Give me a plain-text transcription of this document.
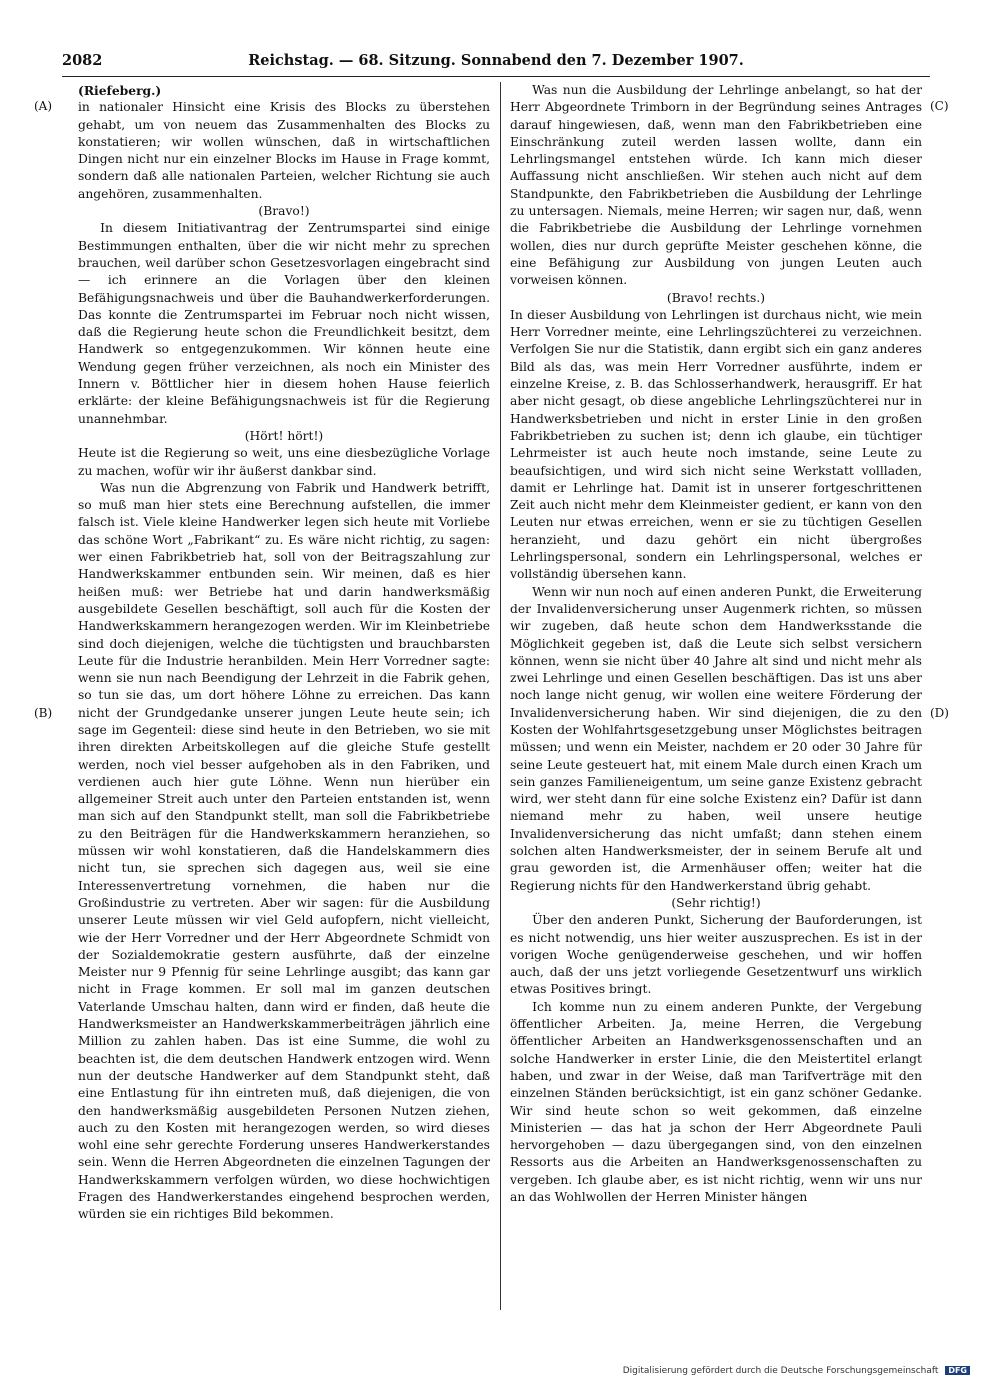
2082	Reichstag. — 68. Sitzung. Sonnabend den 7. Dezember 1907.
(A)
(B)
(C)
(D)
(Riefeberg.)

in nationaler Hinsicht eine Krisis des Blocks zu überstehen gehabt, um von neuem das Zusammenhalten des Blocks zu konstatieren; wir wollen wünschen, daß in wirtschaftlichen Dingen nicht nur ein einzelner Blocks im Hause in Frage kommt, sondern daß alle nationalen Parteien, welcher Richtung sie auch angehören, zusammenhalten.

(Bravo!)

In diesem Initiativantrag der Zentrumspartei sind einige Bestimmungen enthalten, über die wir nicht mehr zu sprechen brauchen, weil darüber schon Gesetzesvorlagen eingebracht sind — ich erinnere an die Vorlagen über den kleinen Befähigungsnachweis und über die Bauhandwerkerforderungen. Das konnte die Zentrumspartei im Februar noch nicht wissen, daß die Regierung heute schon die Freundlichkeit besitzt, dem Handwerk so entgegenzukommen. Wir können heute eine Wendung gegen früher verzeichnen, als noch ein Minister des Innern v. Böttlicher hier in diesem hohen Hause feierlich erklärte: der kleine Befähigungsnachweis ist für die Regierung unannehmbar.

(Hört! hört!)

Heute ist die Regierung so weit, uns eine diesbezügliche Vorlage zu machen, wofür wir ihr äußerst dankbar sind.

Was nun die Abgrenzung von Fabrik und Handwerk betrifft, so muß man hier stets eine Berechnung aufstellen, die immer falsch ist. Viele kleine Handwerker legen sich heute mit Vorliebe das schöne Wort „Fabrikant“ zu. Es wäre nicht richtig, zu sagen: wer einen Fabrikbetrieb hat, soll von der Beitragszahlung zur Handwerkskammer entbunden sein. Wir meinen, daß es hier heißen muß: wer Betriebe hat und darin handwerksmäßig ausgebildete Gesellen beschäftigt, soll auch für die Kosten der Handwerkskammern herangezogen werden. Wir im Kleinbetriebe sind doch diejenigen, welche die tüchtigsten und brauchbarsten Leute für die Industrie heranbilden. Mein Herr Vorredner sagte: wenn sie nun nach Beendigung der Lehrzeit in die Fabrik gehen, so tun sie das, um dort höhere Löhne zu erreichen. Das kann nicht der Grundgedanke unserer jungen Leute heute sein; ich sage im Gegenteil: diese sind heute in den Betrieben, wo sie mit ihren direkten Arbeitskollegen auf die gleiche Stufe gestellt werden, noch viel besser aufgehoben als in den Fabriken, und verdienen auch hier gute Löhne. Wenn nun hierüber ein allgemeiner Streit auch unter den Parteien entstanden ist, wenn man sich auf den Standpunkt stellt, man soll die Fabrikbetriebe zu den Beiträgen für die Handwerkskammern heranziehen, so müssen wir wohl konstatieren, daß die Handelskammern dies nicht tun, sie sprechen sich dagegen aus, weil sie eine Interessenvertretung vornehmen, die haben nur die Großindustrie zu vertreten. Aber wir sagen: für die Ausbildung unserer Leute müssen wir viel Geld aufopfern, nicht vielleicht, wie der Herr Vorredner und der Herr Abgeordnete Schmidt von der Sozialdemokratie gestern ausführte, daß der einzelne Meister nur 9 Pfennig für seine Lehrlinge ausgibt; das kann gar nicht in Frage kommen. Er soll mal im ganzen deutschen Vaterlande Umschau halten, dann wird er finden, daß heute die Handwerksmeister an Handwerkskammerbeiträgen jährlich eine Million zu zahlen haben. Das ist eine Summe, die wohl zu beachten ist, die dem deutschen Handwerk entzogen wird. Wenn nun der deutsche Handwerker auf dem Standpunkt steht, daß eine Entlastung für ihn eintreten muß, daß diejenigen, die von den handwerksmäßig ausgebildeten Personen Nutzen ziehen, auch zu den Kosten mit herangezogen werden, so wird dieses wohl eine sehr gerechte Forderung unseres Handwerkerstandes sein. Wenn die Herren Abgeordneten die einzelnen Tagungen der Handwerkskammern verfolgen würden, wo diese hochwichtigen Fragen des Handwerkerstandes eingehend besprochen werden, würden sie ein richtiges Bild bekommen.

Was nun die Ausbildung der Lehrlinge anbelangt, so hat der Herr Abgeordnete Trimborn in der Begründung seines Antrages darauf hingewiesen, daß, wenn man den Fabrikbetrieben eine Einschränkung zuteil werden lassen wollte, dann ein Lehrlingsmangel entstehen würde. Ich kann mich dieser Auffassung nicht anschließen. Wir stehen auch nicht auf dem Standpunkte, den Fabrikbetrieben die Ausbildung der Lehrlinge zu untersagen. Niemals, meine Herren; wir sagen nur, daß, wenn die Fabrikbetriebe die Ausbildung der Lehrlinge vornehmen wollen, dies nur durch geprüfte Meister geschehen könne, die eine Befähigung zur Ausbildung von jungen Leuten auch vorweisen können.

(Bravo! rechts.)

In dieser Ausbildung von Lehrlingen ist durchaus nicht, wie mein Herr Vorredner meinte, eine Lehrlingszüchterei zu verzeichnen. Verfolgen Sie nur die Statistik, dann ergibt sich ein ganz anderes Bild als das, was mein Herr Vorredner ausführte, indem er einzelne Kreise, z. B. das Schlosserhandwerk, herausgriff. Er hat aber nicht gesagt, ob diese angebliche Lehrlingszüchterei nur in Handwerksbetrieben und nicht in erster Linie in den großen Fabrikbetrieben zu suchen ist; denn ich glaube, ein tüchtiger Lehrmeister ist auch heute noch imstande, seine Leute zu beaufsichtigen, und wird sich nicht seine Werkstatt vollladen, damit er Lehrlinge hat. Damit ist in unserer fortgeschrittenen Zeit auch nicht mehr dem Kleinmeister gedient, er kann von den Leuten nur etwas erreichen, wenn er sie zu tüchtigen Gesellen heranzieht, und dazu gehört ein nicht übergroßes Lehrlingspersonal, sondern ein Lehrlingspersonal, welches er vollständig übersehen kann.

Wenn wir nun noch auf einen anderen Punkt, die Erweiterung der Invalidenversicherung unser Augenmerk richten, so müssen wir zugeben, daß heute schon dem Handwerksstande die Möglichkeit gegeben ist, daß die Leute sich selbst versichern können, wenn sie nicht über 40 Jahre alt sind und nicht mehr als zwei Lehrlinge und einen Gesellen beschäftigen. Das ist uns aber noch lange nicht genug, wir wollen eine weitere Förderung der Invalidenversicherung haben. Wir sind diejenigen, die zu den Kosten der Wohlfahrtsgesetzgebung unser Möglichstes beitragen müssen; und wenn ein Meister, nachdem er 20 oder 30 Jahre für seine Leute gesteuert hat, mit einem Male durch einen Krach um sein ganzes Familieneigentum, um seine ganze Existenz gebracht wird, wer steht dann für eine solche Existenz ein? Dafür ist dann niemand mehr zu haben, weil unsere heutige Invalidenversicherung das nicht umfaßt; dann stehen einem solchen alten Handwerksmeister, der in seinem Berufe alt und grau geworden ist, die Armenhäuser offen; weiter hat die Regierung nichts für den Handwerkerstand übrig gehabt.

(Sehr richtig!)

Über den anderen Punkt, Sicherung der Bauforderungen, ist es nicht notwendig, uns hier weiter auszusprechen. Es ist in der vorigen Woche genügenderweise geschehen, und wir hoffen auch, daß der uns jetzt vorliegende Gesetzentwurf uns wirklich etwas Positives bringt.

Ich komme nun zu einem anderen Punkte, der Vergebung öffentlicher Arbeiten. Ja, meine Herren, die Vergebung öffentlicher Arbeiten an Handwerksgenossenschaften und an solche Handwerker in erster Linie, die den Meistertitel erlangt haben, und zwar in der Weise, daß man Tarifverträge mit den einzelnen Ständen berücksichtigt, ist ein ganz schöner Gedanke. Wir sind heute schon so weit gekommen, daß einzelne Ministerien — das hat ja schon der Herr Abgeordnete Pauli hervorgehoben — dazu übergegangen sind, von den einzelnen Ressorts aus die Arbeiten an Handwerksgenossenschaften zu vergeben. Ich glaube aber, es ist nicht richtig, wenn wir uns nur an das Wohlwollen der Herren Minister hängen

Digitalisierung gefördert durch die Deutsche Forschungsgemeinschaft DFG
